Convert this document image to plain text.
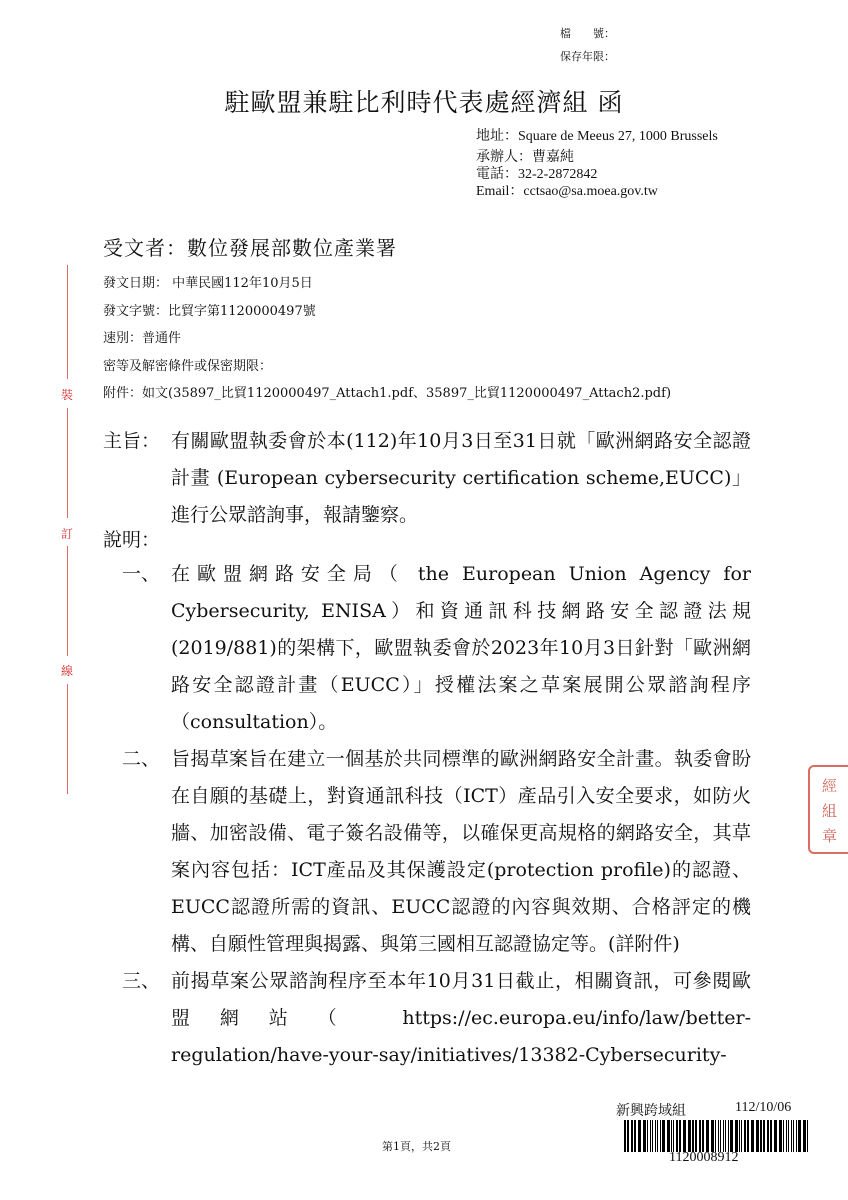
檔　　號：
保存年限：
駐歐盟兼駐比利時代表處經濟組 函
地址：Square de Meeus 27, 1000 Brussels
承辦人：曹嘉純
電話：32-2-2872842
Email：cctsao@sa.moea.gov.tw
受文者：數位發展部數位產業署
發文日期： 中華民國112年10月5日
發文字號：比貿字第1120000497號
速別：普通件
密等及解密條件或保密期限：
附件：如文(35897_比貿1120000497_Attach1.pdf、35897_比貿1120000497_Attach2.pdf)
裝
訂
線
主旨： 有關歐盟執委會於本(112)年10月3日至31日就「歐洲網路安全認證計畫 (European cybersecurity certification scheme,EUCC)」進行公眾諮詢事，報請鑒察。
說明：
一、 在歐盟網路安全局（ the European Union Agency for Cybersecurity, ENISA）和資通訊科技網路安全認證法規(2019/881)的架構下，歐盟執委會於2023年10月3日針對「歐洲網路安全認證計畫（EUCC）」授權法案之草案展開公眾諮詢程序（consultation）。
二、 旨揭草案旨在建立一個基於共同標準的歐洲網路安全計畫。執委會盼在自願的基礎上，對資通訊科技（ICT）產品引入安全要求，如防火牆、加密設備、電子簽名設備等，以確保更高規格的網路安全，其草案內容包括：ICT產品及其保護設定(protection profile)的認證、EUCC認證所需的資訊、EUCC認證的內容與效期、合格評定的機構、自願性管理與揭露、與第三國相互認證協定等。(詳附件)
三、 前揭草案公眾諮詢程序至本年10月31日截止，相關資訊，可參閱歐盟網站（ https://ec.europa.eu/info/law/better-regulation/have-your-say/initiatives/13382-Cybersecurity-
經
組
章
新興跨域組	112/10/06
第1頁，共2頁
1120008912
